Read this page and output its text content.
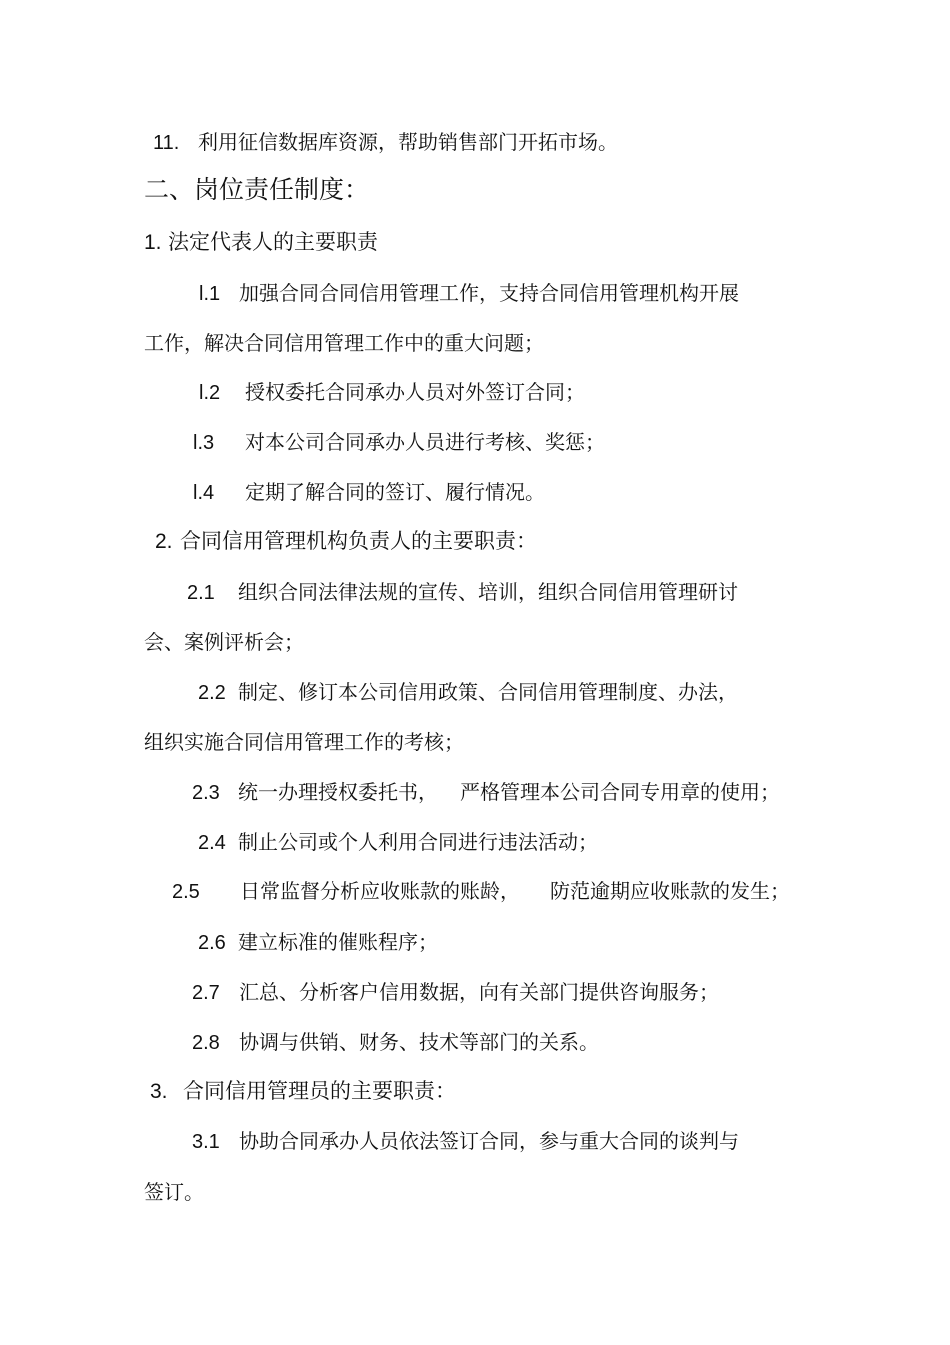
11. 利用征信数据库资源，帮助销售部门开拓市场。
二、岗位责任制度：
1. 法定代表人的主要职责
l.1 加强合同合同信用管理工作，支持合同信用管理机构开展
工作，解决合同信用管理工作中的重大问题；
l.2 授权委托合同承办人员对外签订合同；
l.3 对本公司合同承办人员进行考核、奖惩；
l.4 定期了解合同的签订、履行情况。
2. 合同信用管理机构负责人的主要职责：
2.1 组织合同法律法规的宣传、培训，组织合同信用管理研讨
会、案例评析会；
2.2 制定、修订本公司信用政策、合同信用管理制度、办法，
组织实施合同信用管理工作的考核；
2.3 统一办理授权委托书， 严格管理本公司合同专用章的使用；
2.4 制止公司或个人利用合同进行违法活动；
2.5 日常监督分析应收账款的账龄， 防范逾期应收账款的发生；
2.6 建立标准的催账程序；
2.7 汇总、分析客户信用数据，向有关部门提供咨询服务；
2.8 协调与供销、财务、技术等部门的关系。
3. 合同信用管理员的主要职责：
3.1 协助合同承办人员依法签订合同，参与重大合同的谈判与
签订。
